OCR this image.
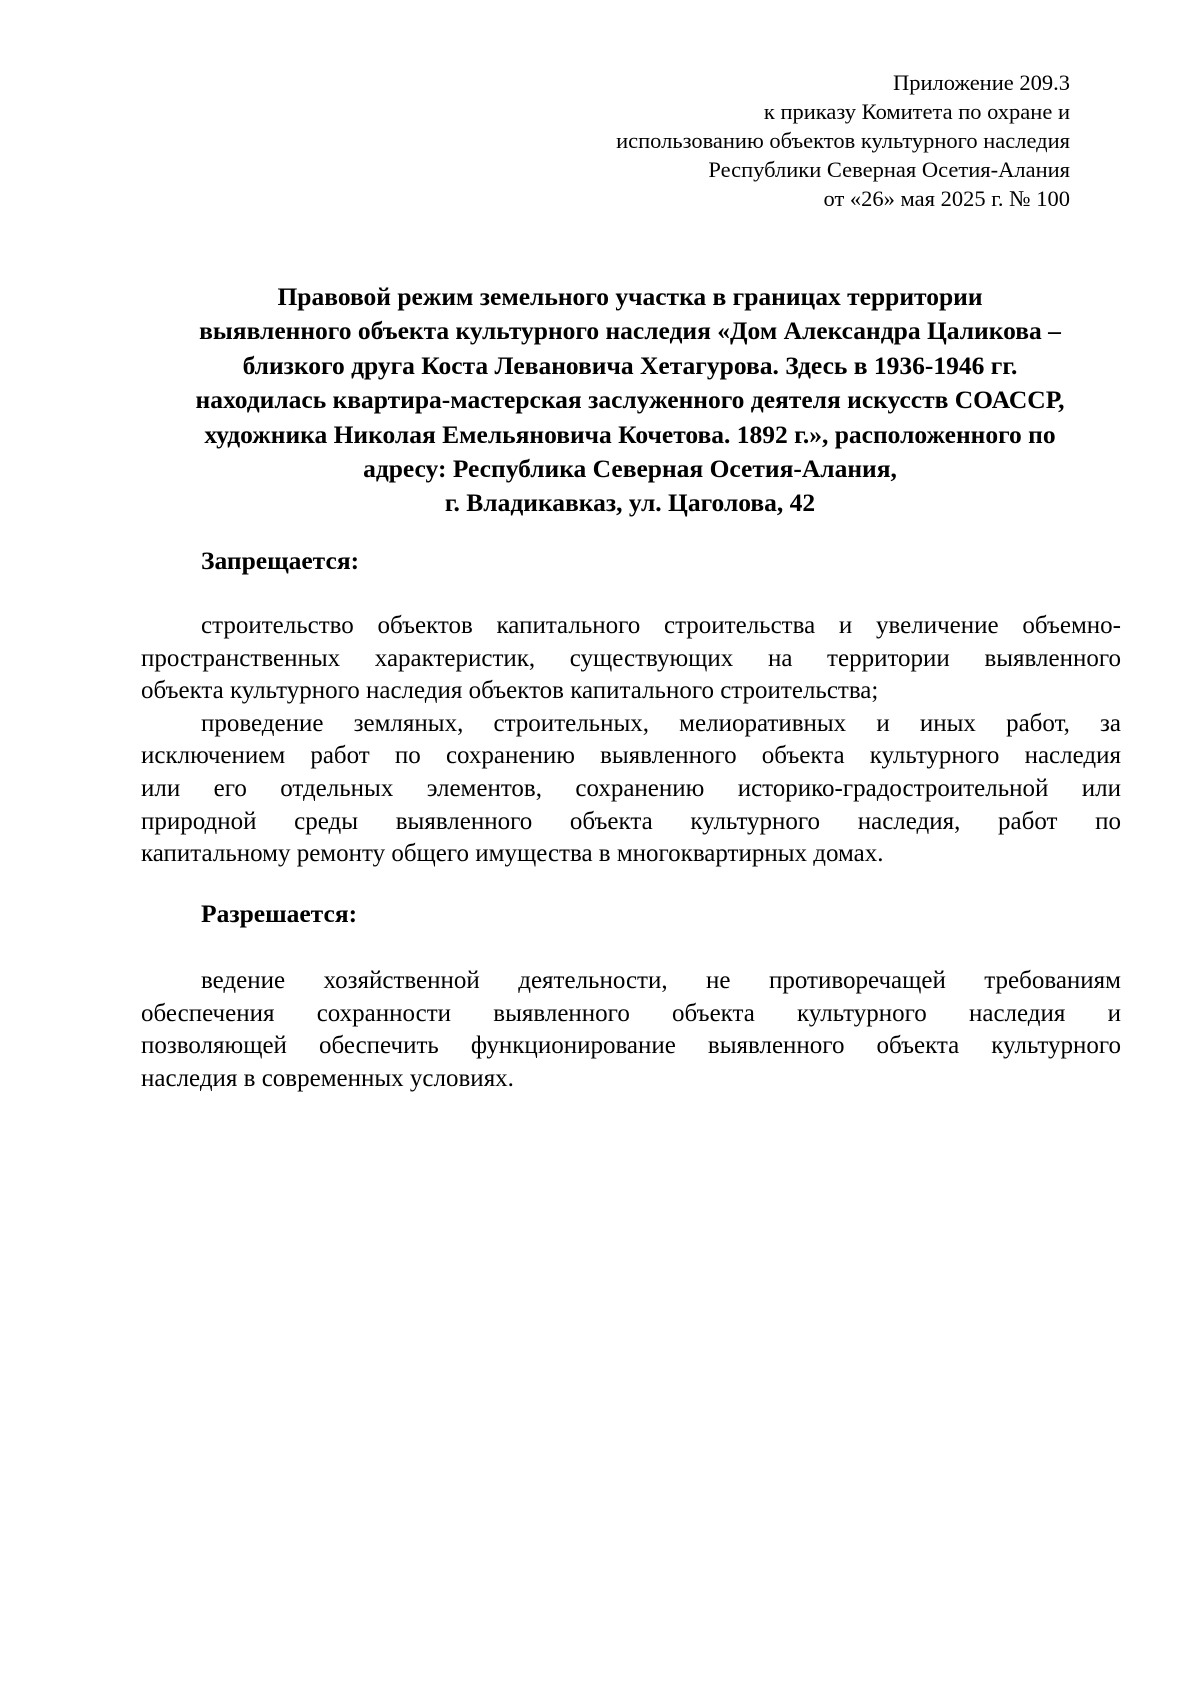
Приложение 209.3
к приказу Комитета по охране и
использованию объектов культурного наследия
Республики Северная Осетия-Алания
от «26» мая 2025 г. № 100
Правовой режим земельного участка в границах территории
выявленного объекта культурного наследия «Дом Александра Цаликова –
близкого друга Коста Левановича Хетагурова. Здесь в 1936-1946 гг.
находилась квартира-мастерская заслуженного деятеля искусств СОАССР,
художника Николая Емельяновича Кочетова. 1892 г.», расположенного по
адресу: Республика Северная Осетия-Алания,
г. Владикавказ, ул. Цаголова, 42
Запрещается:
строительство объектов капитального строительства и увеличение объемно-
пространственных характеристик, существующих на территории выявленного
объекта культурного наследия объектов капитального строительства;
проведение земляных, строительных, мелиоративных и иных работ, за
исключением работ по сохранению выявленного объекта культурного наследия
или его отдельных элементов, сохранению историко-градостроительной или
природной среды выявленного объекта культурного наследия, работ по
капитальному ремонту общего имущества в многоквартирных домах.
Разрешается:
ведение хозяйственной деятельности, не противоречащей требованиям
обеспечения сохранности выявленного объекта культурного наследия и
позволяющей обеспечить функционирование выявленного объекта культурного
наследия в современных условиях.
